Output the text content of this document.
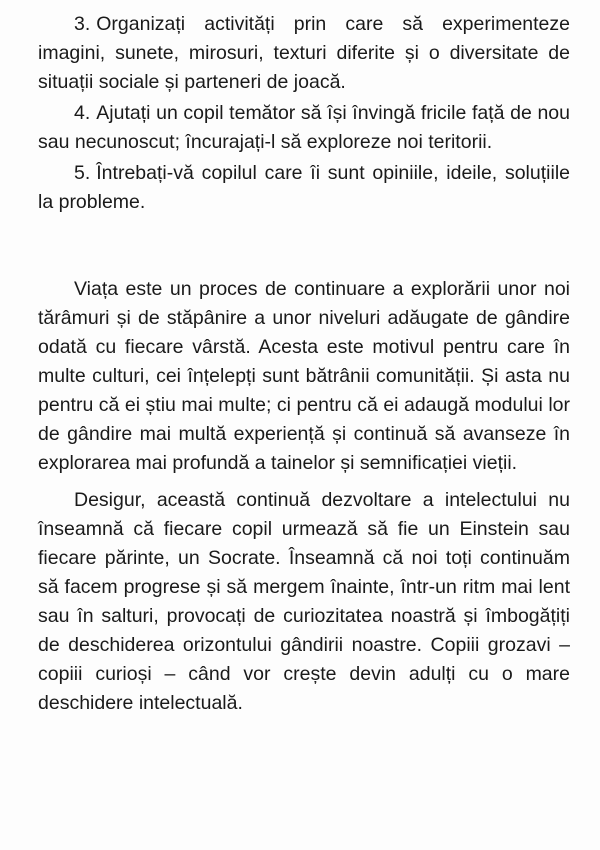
3. Organizați activități prin care să experimenteze imagini, sunete, mirosuri, texturi diferite și o diversitate de situații sociale și parteneri de joacă.

4. Ajutați un copil temător să își învingă fricile față de nou sau necunoscut; încurajați-l să exploreze noi teritorii.

5. Întrebați-vă copilul care îi sunt opiniile, ideile, soluțiile la probleme.

Viața este un proces de continuare a explorării unor noi tărâmuri și de stăpânire a unor niveluri adăugate de gândire odată cu fiecare vârstă. Acesta este motivul pentru care în multe culturi, cei înțelepți sunt bătrânii comunității. Și asta nu pentru că ei știu mai multe; ci pentru că ei adaugă modului lor de gândire mai multă experiență și continuă să avanseze în explorarea mai profundă a tainelor și semnificației vieții.

Desigur, această continuă dezvoltare a intelectului nu înseamnă că fiecare copil urmează să fie un Einstein sau fiecare părinte, un Socrate. Înseamnă că noi toți continuăm să facem progrese și să mergem înainte, într-un ritm mai lent sau în salturi, provocați de curiozitatea noastră și îmbogățiți de deschiderea orizontului gândirii noastre. Copiii grozavi – copiii curioși – când vor crește devin adulți cu o mare deschidere intelectuală.
